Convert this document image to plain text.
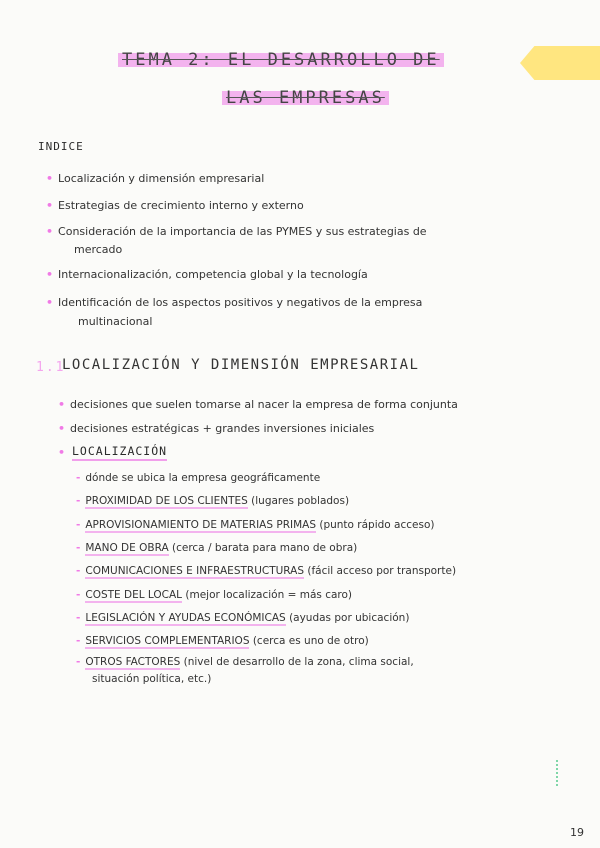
TEMA 2: EL DESARROLLO DE
LAS EMPRESAS
INDICE
• Localización y dimensión empresarial
• Estrategias de crecimiento interno y externo
• Consideración de la importancia de las PYMES y sus estrategias de
mercado
• Internacionalización, competencia global y la tecnología
• Identificación de los aspectos positivos y negativos de la empresa
multinacional
1.1
LOCALIZACIÓN Y DIMENSIÓN EMPRESARIAL
• decisiones que suelen tomarse al nacer la empresa de forma conjunta
• decisiones estratégicas + grandes inversiones iniciales
• LOCALIZACIÓN
- dónde se ubica la empresa geográficamente
- PROXIMIDAD DE LOS CLIENTES (lugares poblados)
- APROVISIONAMIENTO DE MATERIAS PRIMAS (punto rápido acceso)
- MANO DE OBRA (cerca / barata para mano de obra)
- COMUNICACIONES E INFRAESTRUCTURAS (fácil acceso por transporte)
- COSTE DEL LOCAL (mejor localización = más caro)
- LEGISLACIÓN Y AYUDAS ECONÓMICAS (ayudas por ubicación)
- SERVICIOS COMPLEMENTARIOS (cerca es uno de otro)
- OTROS FACTORES (nivel de desarrollo de la zona, clima social,
situación política, etc.)
19
